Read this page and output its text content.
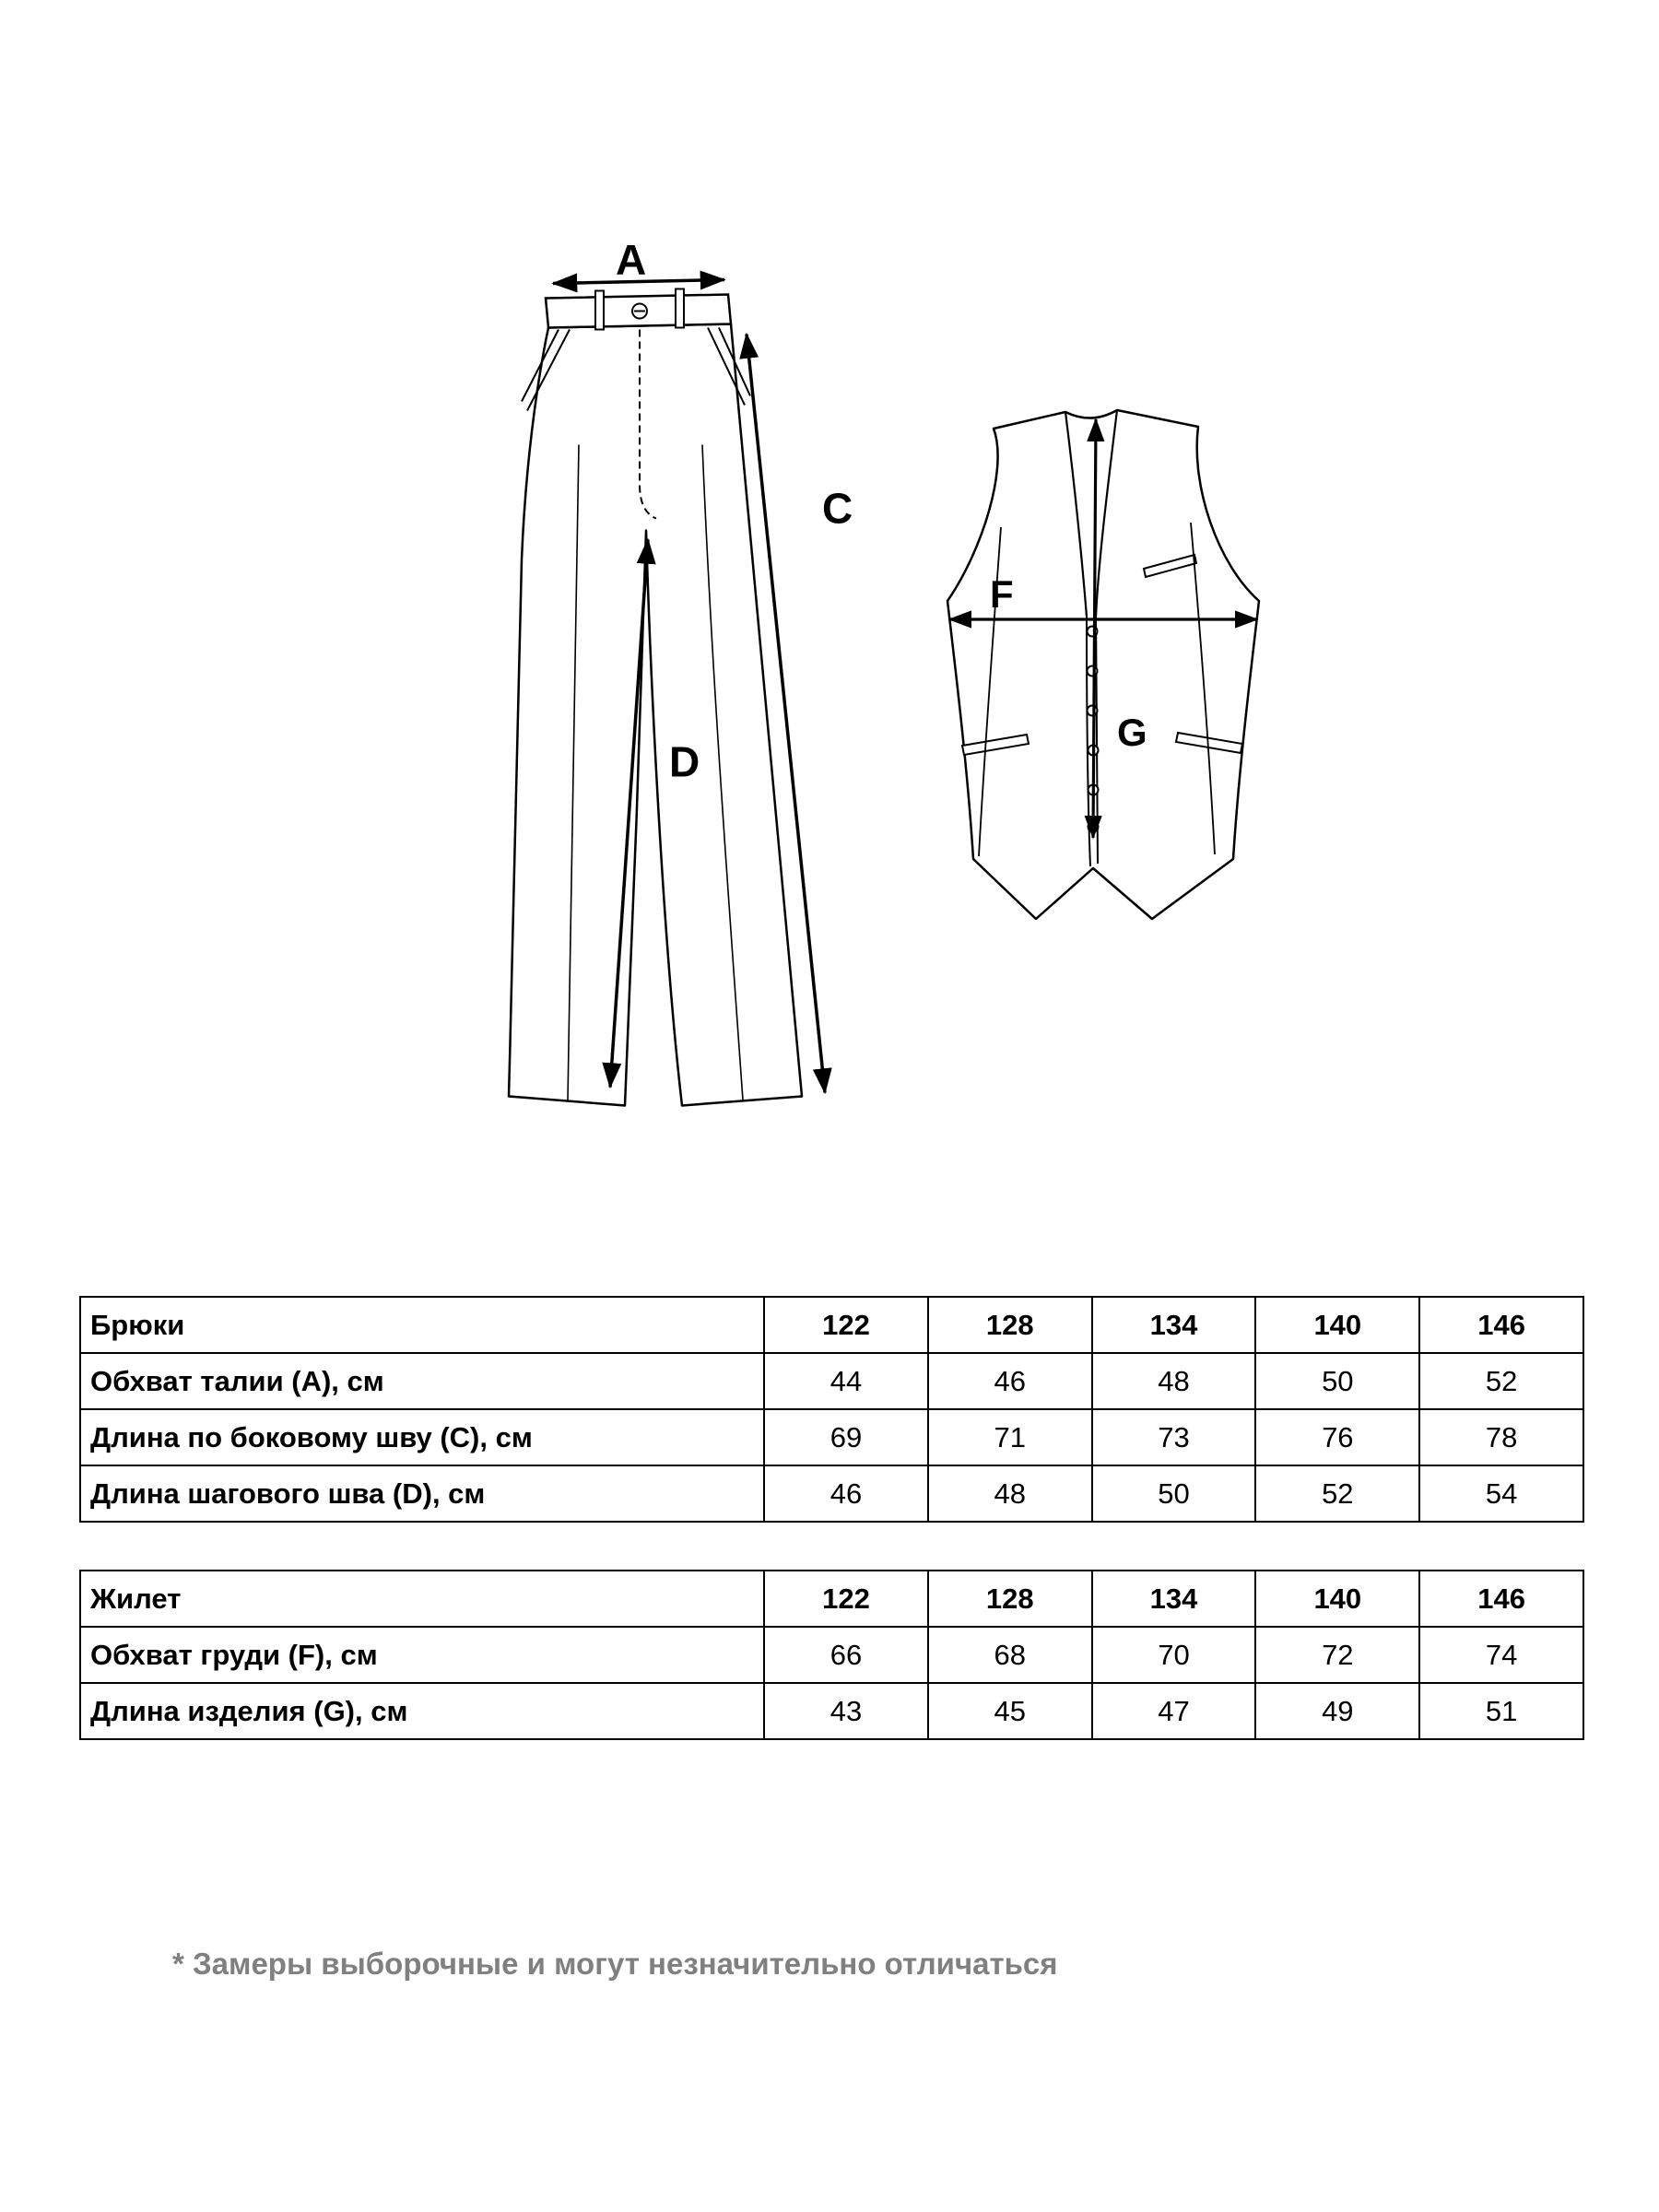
A
C
D
F
G
Брюки	122	128	134	140	146
Обхват талии (А), см	44	46	48	50	52
Длина по боковому шву (С), см	69	71	73	76	78
Длина шагового шва (D), см	46	48	50	52	54
Жилет	122	128	134	140	146
Обхват груди (F), см	66	68	70	72	74
Длина изделия (G), см	43	45	47	49	51
* Замеры выборочные и могут незначительно отличаться
